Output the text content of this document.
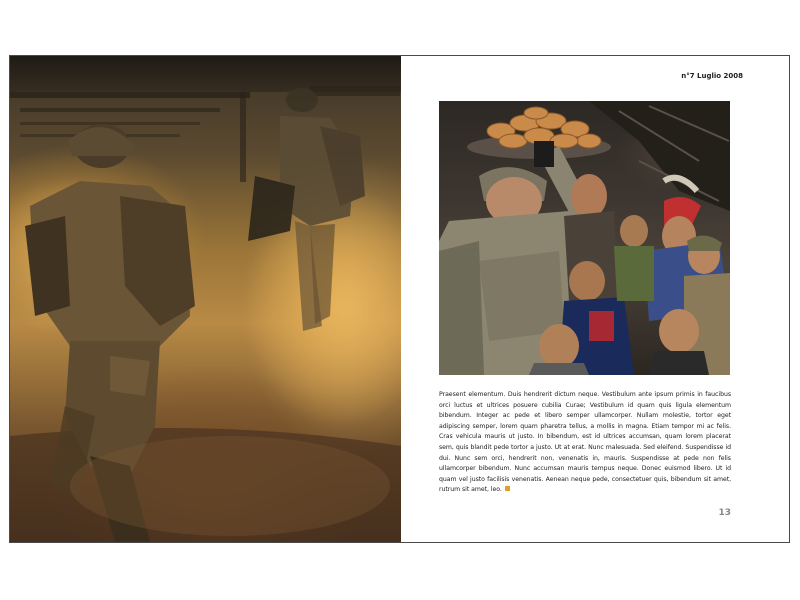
n°7 Luglio 2008
Praesent elementum. Duis hendrerit dictum neque. Vestibulum ante ipsum primis in faucibus orci luctus et ultrices posuere cubilia Curae; Vestibulum id quam quis ligula elementum bibendum. Integer ac pede et libero semper ullamcorper. Nullam molestie, tortor eget adipiscing semper, lorem quam pharetra tellus, a mollis in magna. Etiam tempor mi ac felis. Cras vehicula mauris ut justo. In bibendum, est id ultrices accumsan, quam lorem placerat sem, quis blandit pede tortor a justo. Ut at erat. Nunc malesuada. Sed eleifend. Suspendisse id dui. Nunc sem orci, hendrerit non, venenatis in, mauris. Suspendisse at pede non felis ullamcorper bibendum. Nunc accumsan mauris tempus neque. Donec euismod libero. Ut id quam vel justo facilisis venenatis. Aenean neque pede, consectetuer quis, bibendum sit amet, rutrum sit amet, leo.
13
